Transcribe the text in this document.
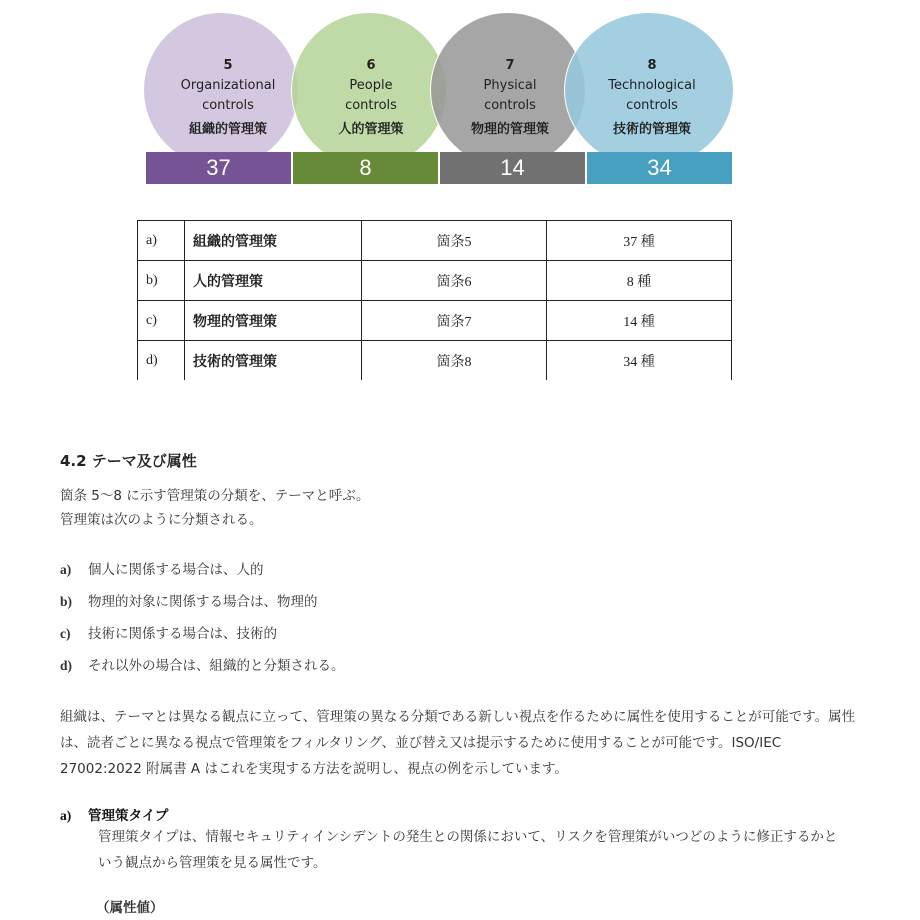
5
Organizational
controls
組織的管理策
6
People
controls
人的管理策
7
Physical
controls
物理的管理策
8
Technological
controls
技術的管理策
37	8	14	34
a)	組織的管理策	箇条5	37 種
b)	人的管理策	箇条6	8 種
c)	物理的管理策	箇条7	14 種
d)	技術的管理策	箇条8	34 種
4.2 テーマ及び属性
箇条 5〜8 に示す管理策の分類を、テーマと呼ぶ。
管理策は次のように分類される。
a) 個人に関係する場合は、人的
b) 物理的対象に関係する場合は、物理的
c) 技術に関係する場合は、技術的
d) それ以外の場合は、組織的と分類される。
組織は、テーマとは異なる観点に立って、管理策の異なる分類である新しい視点を作るために属性を使用することが可能です。属性は、読者ごとに異なる視点で管理策をフィルタリング、並び替え又は提示するために使用することが可能です。ISO/IEC 27002:2022 附属書 A はこれを実現する方法を説明し、視点の例を示しています。
a) 管理策タイプ
管理策タイプは、情報セキュリティインシデントの発生との関係において、リスクを管理策がいつどのように修正するかという観点から管理策を見る属性です。
（属性値）
